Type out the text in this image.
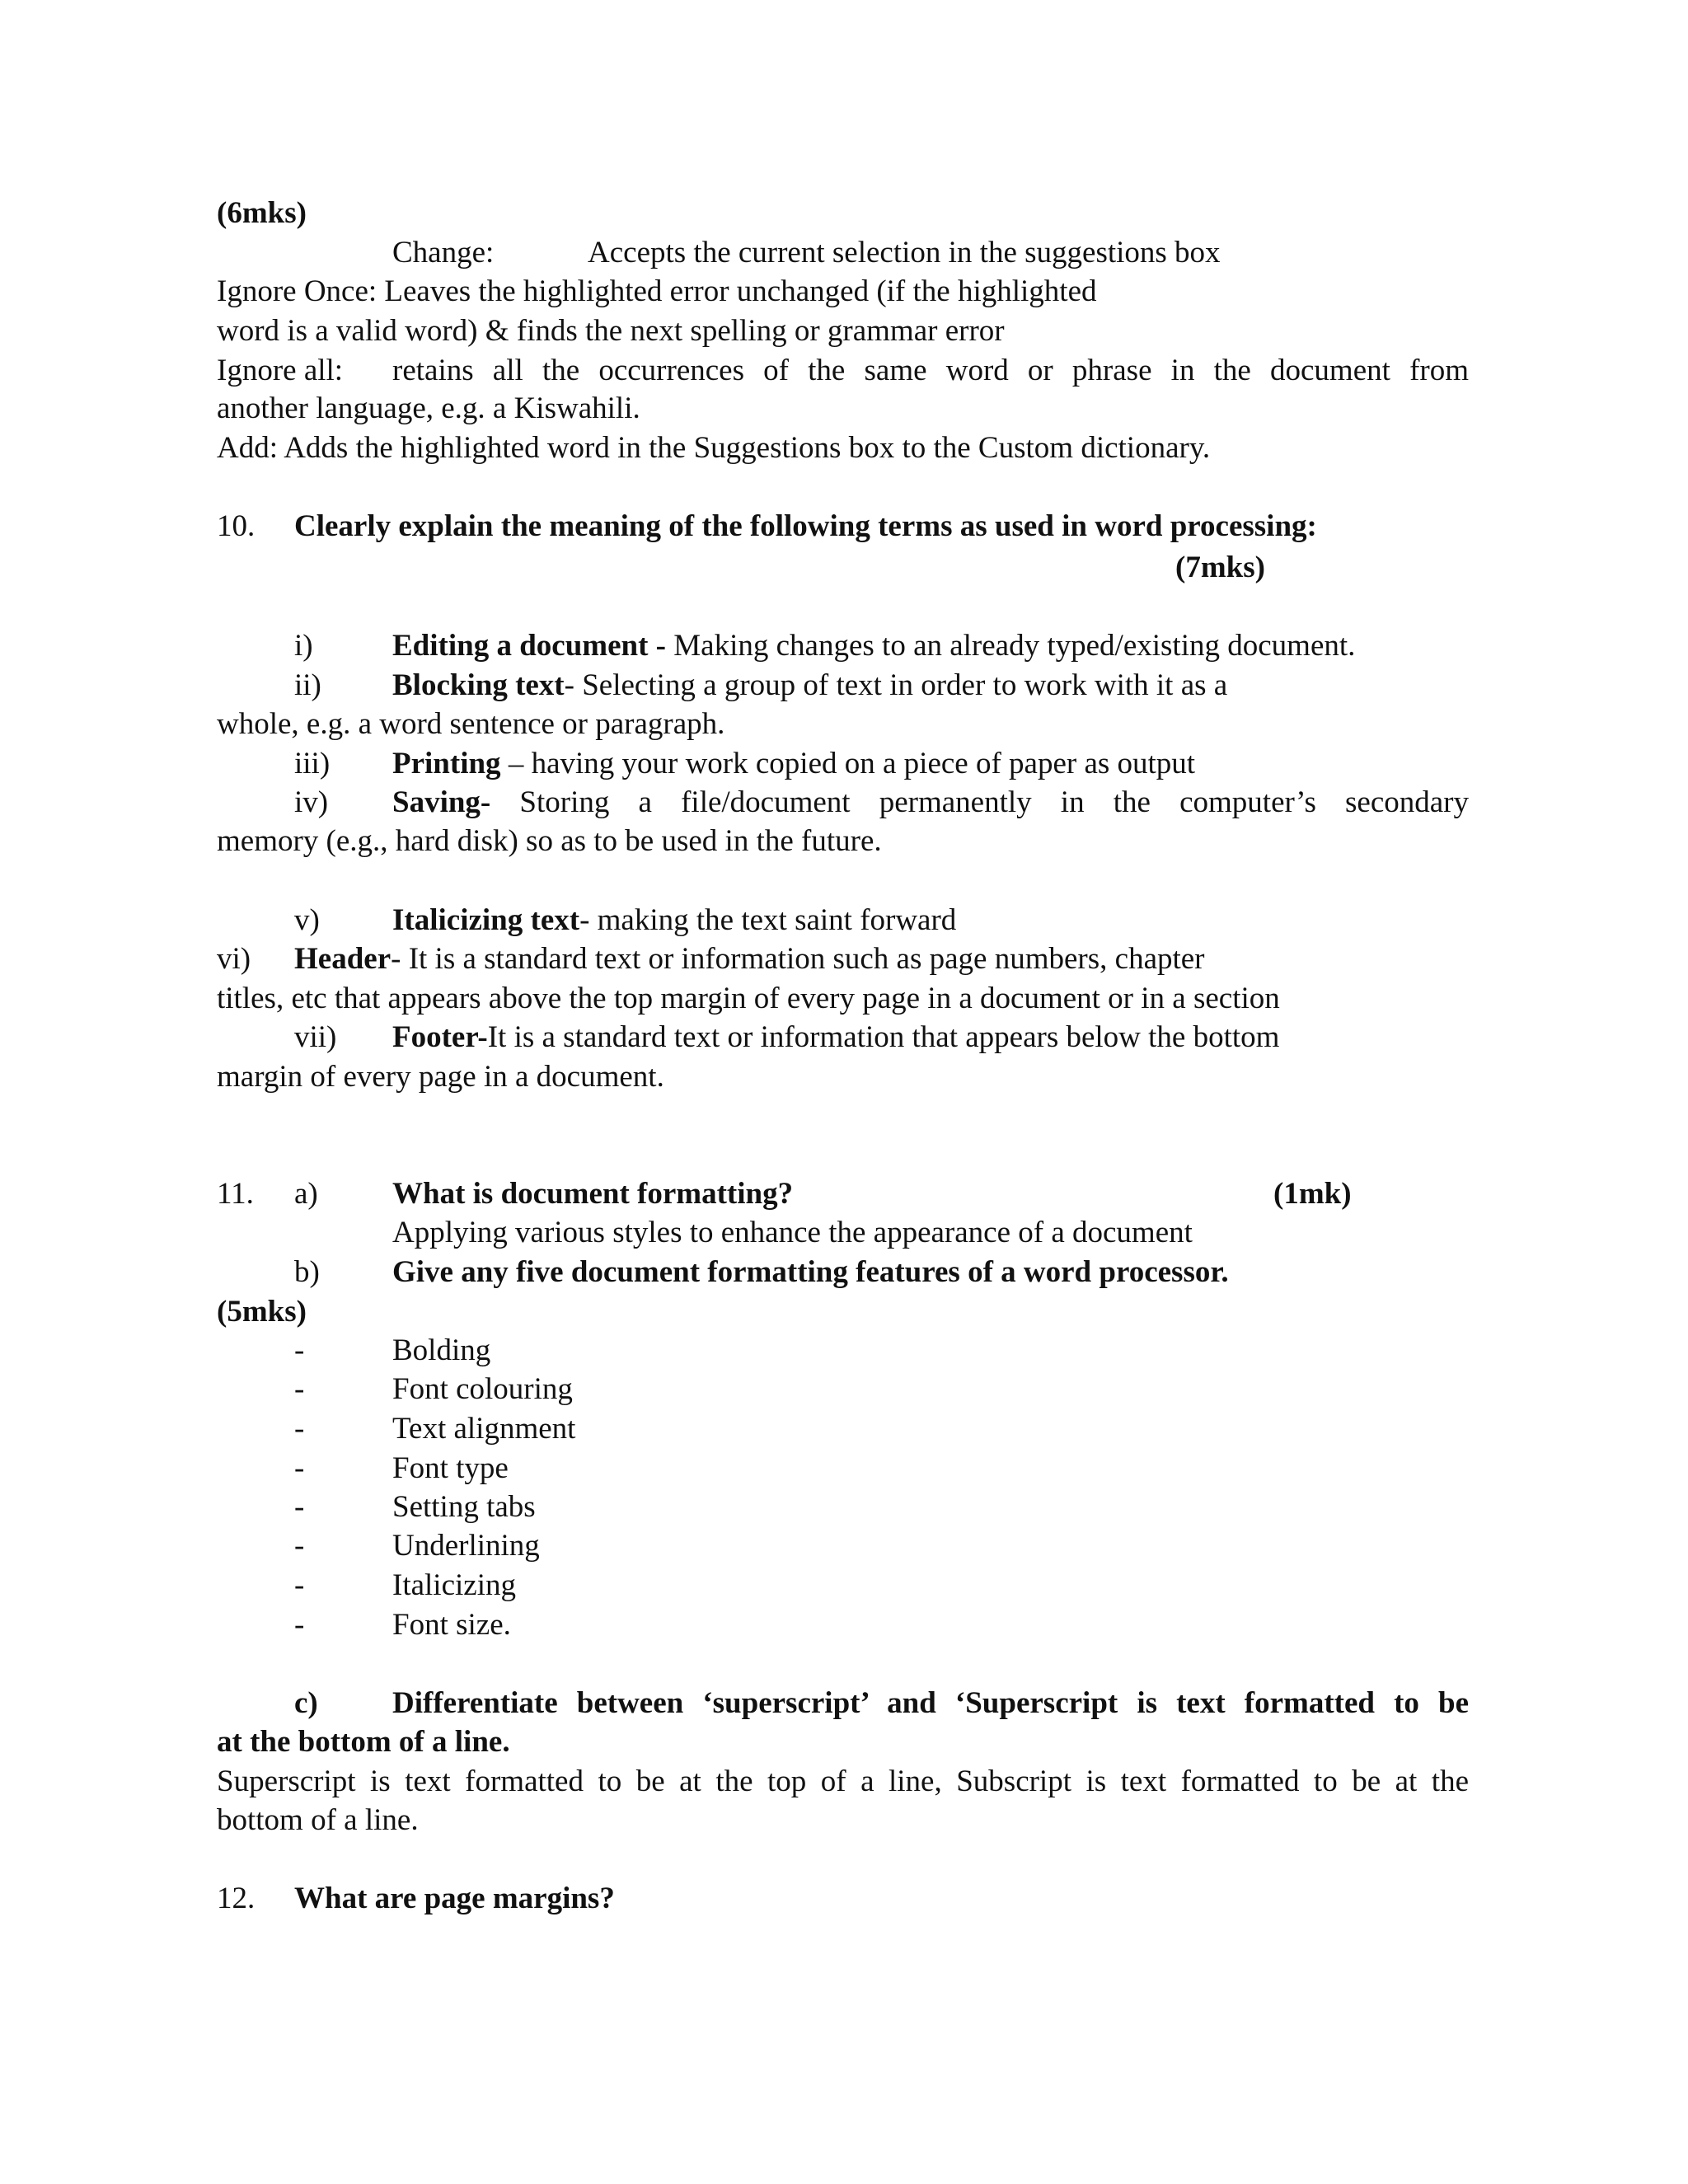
(6mks)
Change:	Accepts the current selection in the suggestions box
Ignore Once: Leaves the highlighted error unchanged (if the highlighted
word is a valid word) & finds the next spelling or grammar error
Ignore all: retains all the occurrences of the same word or phrase in the document from
another language, e.g. a Kiswahili.
Add: Adds the highlighted word in the Suggestions box to the Custom dictionary.
10. Clearly explain the meaning of the following terms as used in word processing:
(7mks)
i)	Editing a document - Making changes to an already typed/existing document.
ii) Blocking text- Selecting a group of text in order to work with it as a
whole, e.g. a word sentence or paragraph.
iii) Printing – having your work copied on a piece of paper as output
iv) Saving- Storing a file/document permanently in the computer’s secondary
memory (e.g., hard disk) so as to be used in the future.
v) Italicizing text- making the text saint forward
vi) Header- It is a standard text or information such as page numbers, chapter
titles, etc that appears above the top margin of every page in a document or in a section
vii) Footer-It is a standard text or information that appears below the bottom
margin of every page in a document.
11. a) What is document formatting?	(1mk)
Applying various styles to enhance the appearance of a document
b) Give any five document formatting features of a word processor.
(5mks)
-	Bolding
-	Font colouring
-	Text alignment
-	Font type
-	Setting tabs
-	Underlining
-	Italicizing
-	Font size.
c) Differentiate between ‘superscript’ and ‘Superscript is text formatted to be
at the bottom of a line.
Superscript is text formatted to be at the top of a line, Subscript is text formatted to be at the
bottom of a line.
12. What are page margins?
